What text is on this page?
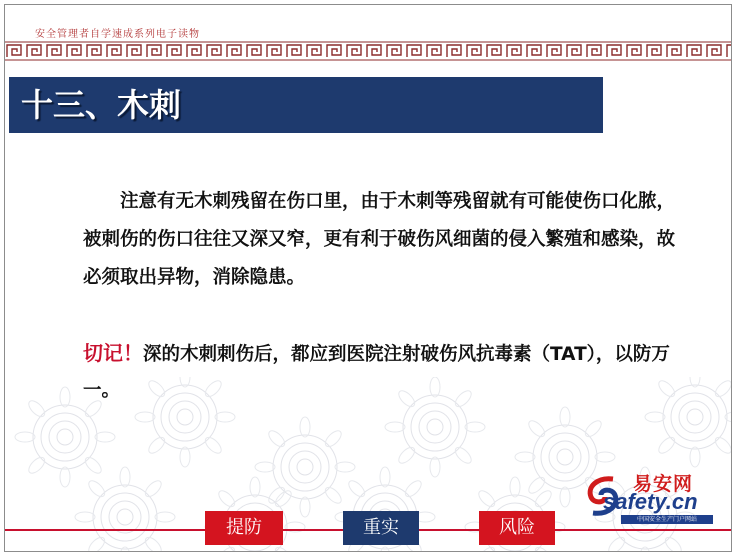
安全管理者自学速成系列电子读物
十三、木刺
注意有无木刺残留在伤口里，由于木刺等残留就有可能使伤口化脓，被刺伤的伤口往往又深又窄，更有利于破伤风细菌的侵入繁殖和感染，故必须取出异物，消除隐患。
切记！深的木刺刺伤后，都应到医院注射破伤风抗毒素（TAT），以防万一。
易安网
safety.cn
中国安全生产门户网站
提防	重实	风险
